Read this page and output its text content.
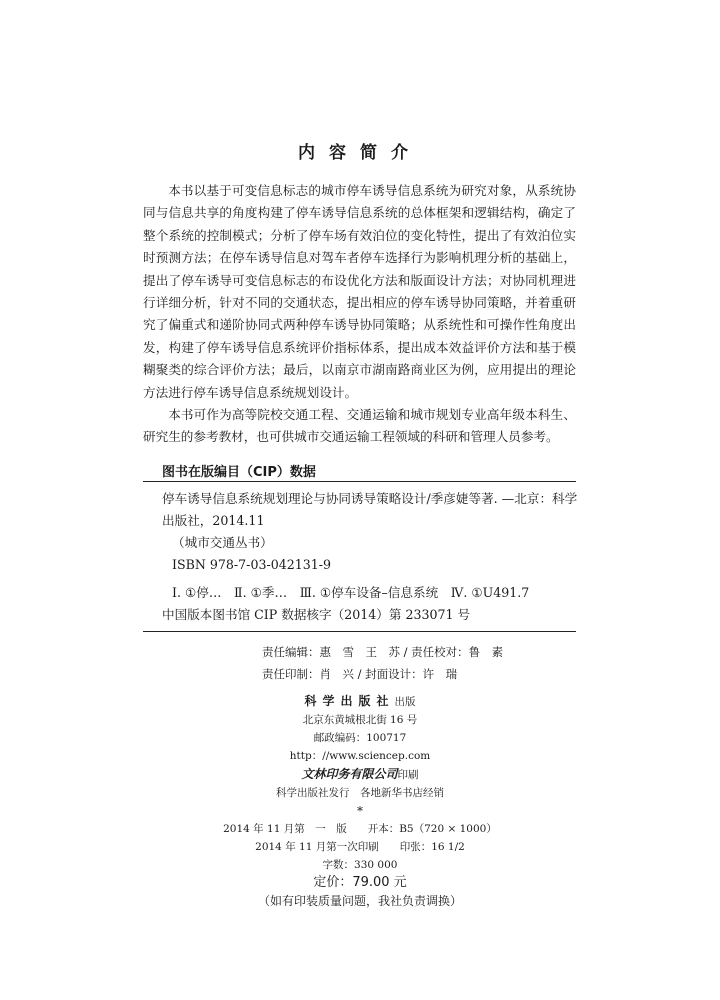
内容简介

本书以基于可变信息标志的城市停车诱导信息系统为研究对象，从系统协同与信息共享的角度构建了停车诱导信息系统的总体框架和逻辑结构，确定了整个系统的控制模式；分析了停车场有效泊位的变化特性，提出了有效泊位实时预测方法；在停车诱导信息对驾车者停车选择行为影响机理分析的基础上，提出了停车诱导可变信息标志的布设优化方法和版面设计方法；对协同机理进行详细分析，针对不同的交通状态，提出相应的停车诱导协同策略，并着重研究了偏重式和递阶协同式两种停车诱导协同策略；从系统性和可操作性角度出发，构建了停车诱导信息系统评价指标体系，提出成本效益评价方法和基于模糊聚类的综合评价方法；最后，以南京市湖南路商业区为例，应用提出的理论方法进行停车诱导信息系统规划设计。

本书可作为高等院校交通工程、交通运输和城市规划专业高年级本科生、研究生的参考教材，也可供城市交通运输工程领域的科研和管理人员参考。

图书在版编目（CIP）数据

停车诱导信息系统规划理论与协同诱导策略设计/季彦婕等著. —北京：科学出版社，2014.11

（城市交通丛书）

ISBN 978-7-03-042131-9

Ⅰ. ①停…　Ⅱ. ①季…　Ⅲ. ①停车设备–信息系统　Ⅳ. ①U491.7

中国版本图书馆 CIP 数据核字（2014）第 233071 号

责任编辑：惠　雪　王　苏 / 责任校对：鲁　素
责任印制：肖　兴 / 封面设计：许　瑞

科学出版社出版

北京东黄城根北街 16 号

邮政编码：100717

http：//www.sciencep.com

文林印务有限公司印刷

科学出版社发行　各地新华书店经销

*

2014 年 11 月第　一　版　　开本：B5（720 × 1000）

2014 年 11 月第一次印刷　　印张：16 1/2

字数：330 000

定价：79.00 元

（如有印装质量问题，我社负责调换）
